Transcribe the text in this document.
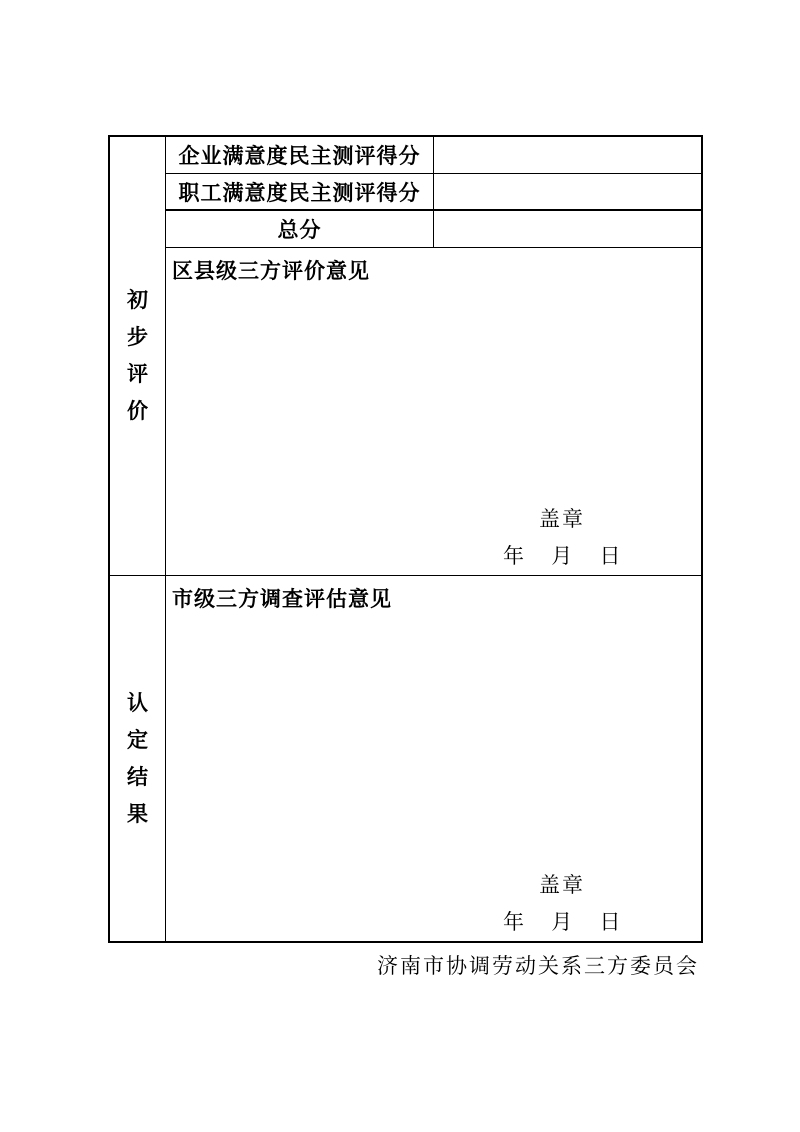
初
步
评
价
企业满意度民主测评得分
职工满意度民主测评得分
总分
区县级三方评价意见
盖章
年 月 日
认
定
结
果
市级三方调查评估意见
盖章
年 月 日
济南市协调劳动关系三方委员会
